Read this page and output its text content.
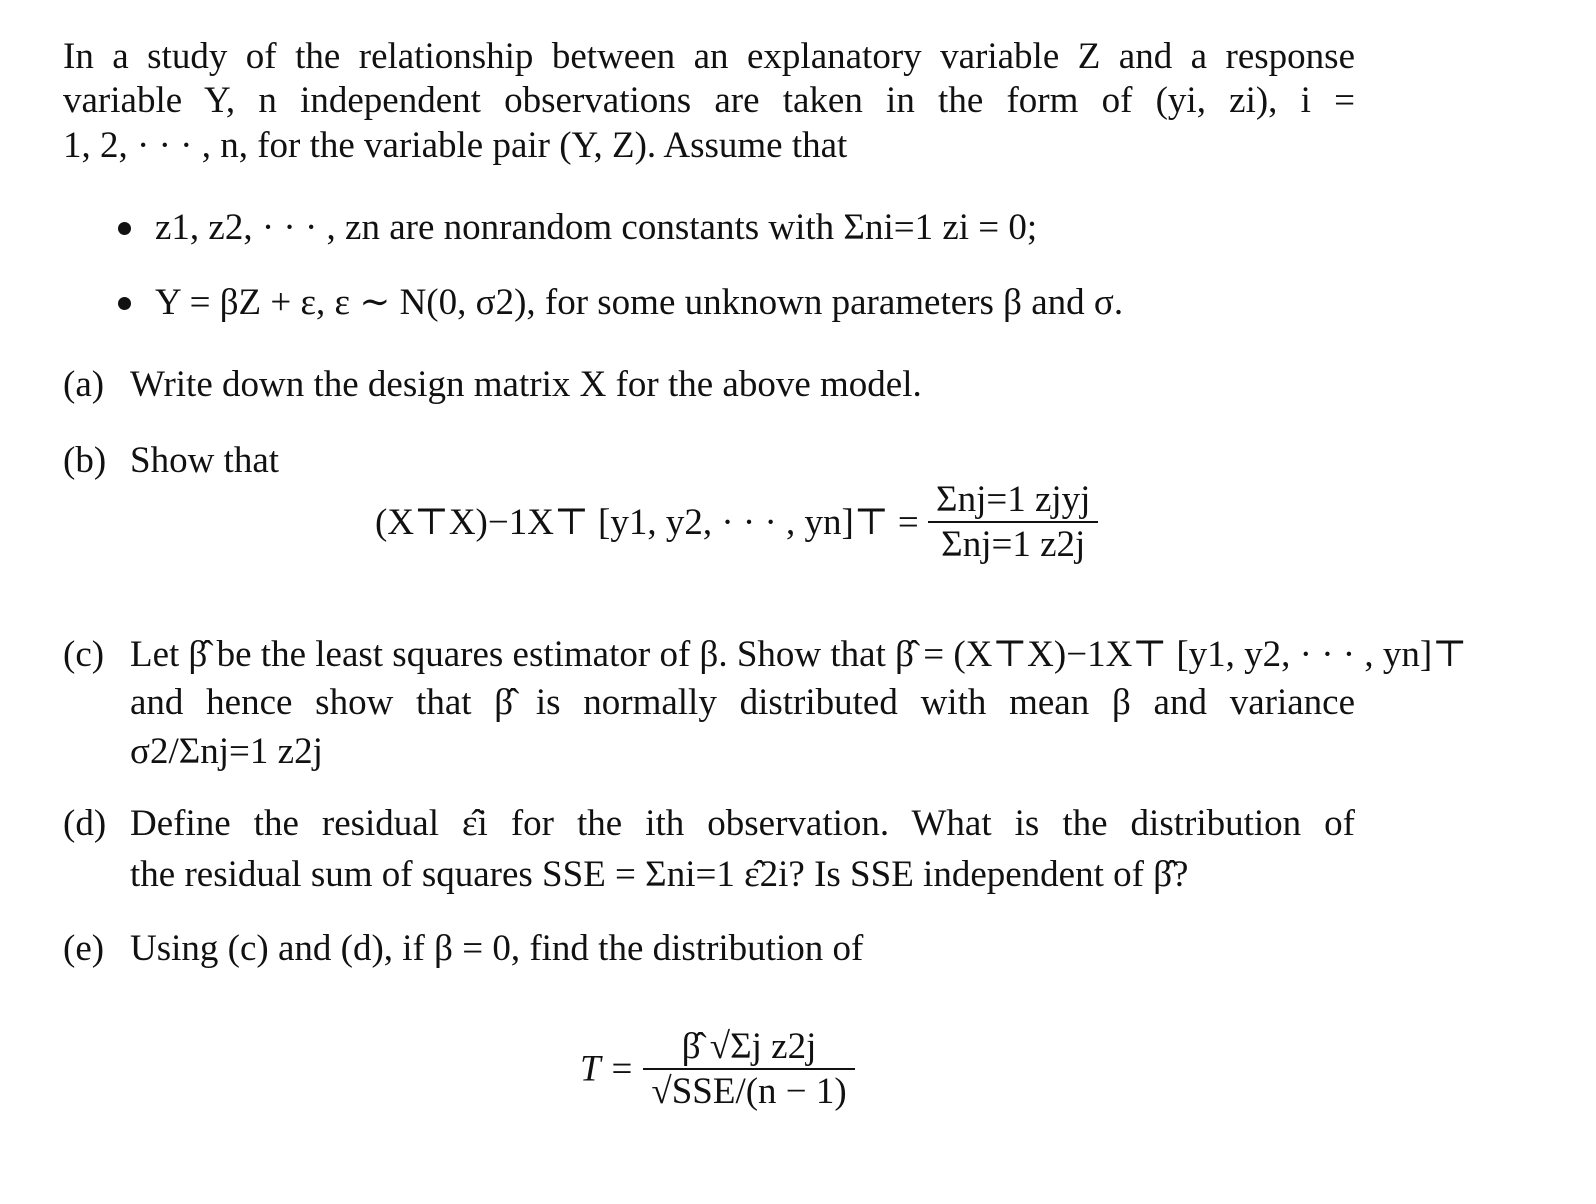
In a study of the relationship between an explanatory variable Z and a response
variable Y, n independent observations are taken in the form of (yi, zi), i =
1, 2, · · · , n, for the variable pair (Y, Z). Assume that
z1, z2, · · · , zn are nonrandom constants with Σni=1 zi = 0;
Y = βZ + ε, ε ∼ N(0, σ2), for some unknown parameters β and σ.
(a) Write down the design matrix X for the above model.
(b) Show that
(X⊤X)−1X⊤ [y1, y2, · · · , yn]⊤ = $\frac{\text{Σnj=1 zjyj}}{\text{Σnj=1 z2j}}$
(c) Let β̂ be the least squares estimator of β. Show that β̂ = (X⊤X)−1X⊤ [y1, y2, · · · , yn]⊤
and hence show that β̂ is normally distributed with mean β and variance
σ2/Σnj=1 z2j
(d) Define the residual ε̂i for the ith observation. What is the distribution of
the residual sum of squares SSE = Σni=1 ε̂2i? Is SSE independent of β̂?
(e) Using (c) and (d), if β = 0, find the distribution of
$T = \frac{\text{β̂ √Σj z2j}}{\text{√SSE/(n − 1)}}$
